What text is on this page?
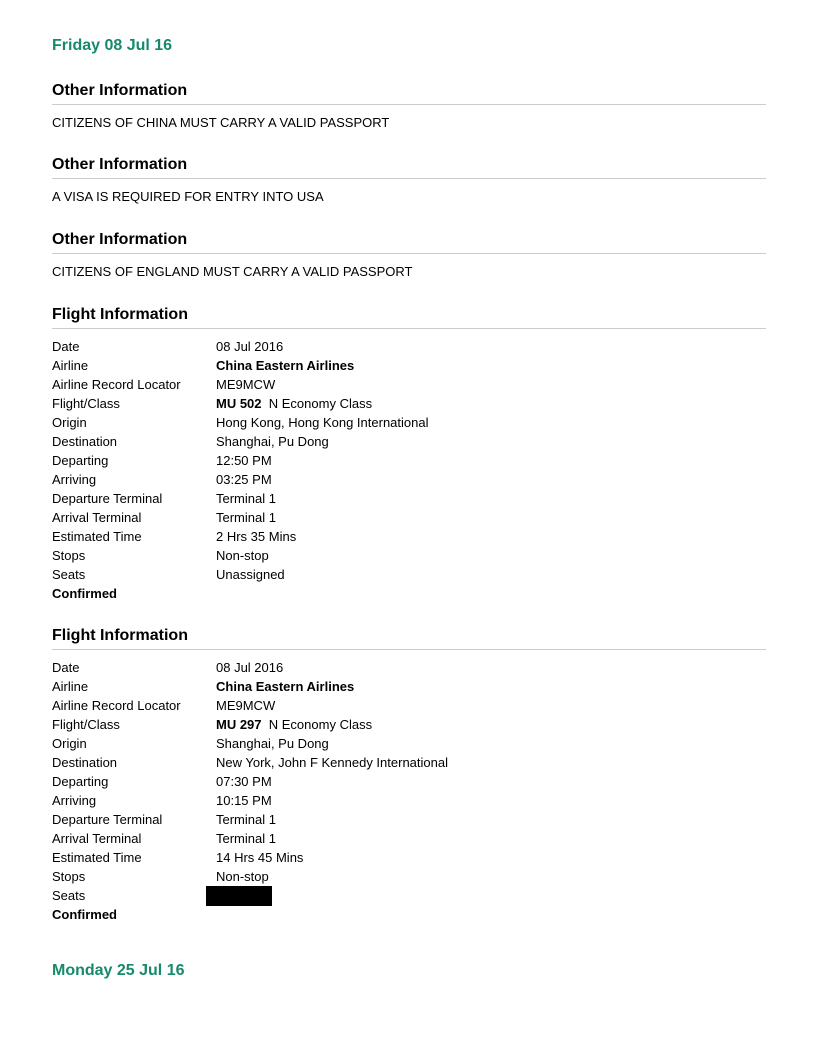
Friday 08 Jul 16
Other Information
CITIZENS OF CHINA MUST CARRY A VALID PASSPORT
Other Information
A VISA IS REQUIRED FOR ENTRY INTO USA
Other Information
CITIZENS OF ENGLAND MUST CARRY A VALID PASSPORT
Flight Information
Date	08 Jul 2016
Airline	China Eastern Airlines
Airline Record Locator	ME9MCW
Flight/Class	MU 502 N Economy Class
Origin	Hong Kong, Hong Kong International
Destination	Shanghai, Pu Dong
Departing	12:50 PM
Arriving	03:25 PM
Departure Terminal	Terminal 1
Arrival Terminal	Terminal 1
Estimated Time	2 Hrs 35 Mins
Stops	Non-stop
Seats	Unassigned
Confirmed
Flight Information
Date	08 Jul 2016
Airline	China Eastern Airlines
Airline Record Locator	ME9MCW
Flight/Class	MU 297 N Economy Class
Origin	Shanghai, Pu Dong
Destination	New York, John F Kennedy International
Departing	07:30 PM
Arriving	10:15 PM
Departure Terminal	Terminal 1
Arrival Terminal	Terminal 1
Estimated Time	14 Hrs 45 Mins
Stops	Non-stop
Seats
Confirmed
Monday 25 Jul 16
